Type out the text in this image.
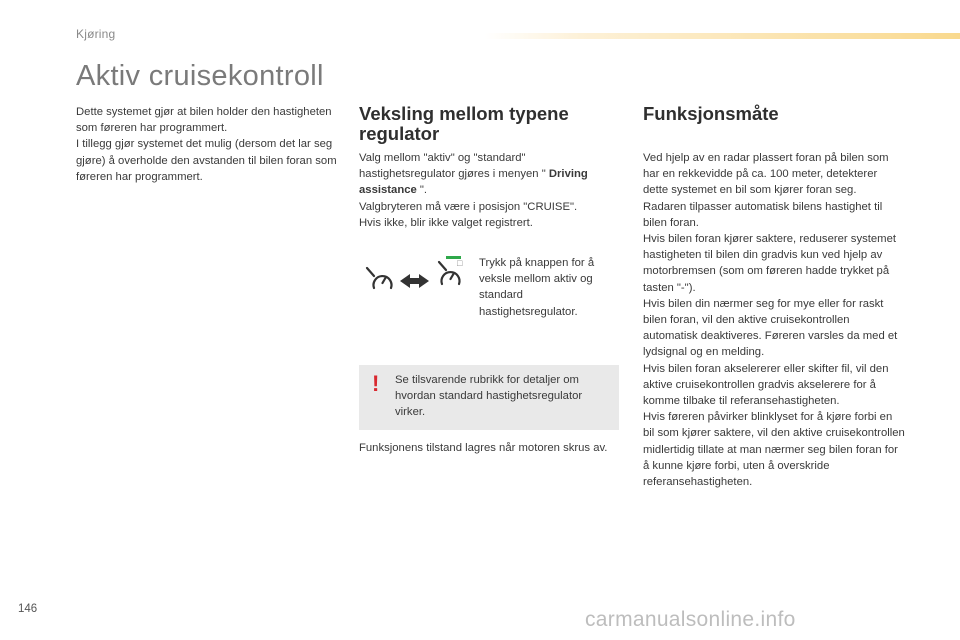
Kjøring
Aktiv cruisekontroll

Dette systemet gjør at bilen holder den hastigheten som føreren har programmert.

I tillegg gjør systemet det mulig (dersom det lar seg gjøre) å overholde den avstanden til bilen foran som føreren har programmert.

Veksling mellom typene regulator

Valg mellom "aktiv" og "standard" hastighetsregulator gjøres i menyen " Driving assistance ".

Valgbryteren må være i posisjon "CRUISE".

Hvis ikke, blir ikke valget registrert.

□ Trykk på knappen for å veksle mellom aktiv og standard hastighetsregulator.
! Se tilsvarende rubrikk for detaljer om hvordan standard hastighetsregulator virker.
Funksjonens tilstand lagres når motoren skrus av.
Funksjonsmåte

Ved hjelp av en radar plassert foran på bilen som har en rekkevidde på ca. 100 meter, detekterer dette systemet en bil som kjører foran seg.

Radaren tilpasser automatisk bilens hastighet til bilen foran.

Hvis bilen foran kjører saktere, reduserer systemet hastigheten til bilen din gradvis kun ved hjelp av motorbremsen (som om føreren hadde trykket på tasten "-").

Hvis bilen din nærmer seg for mye eller for raskt bilen foran, vil den aktive cruisekontrollen automatisk deaktiveres. Føreren varsles da med et lydsignal og en melding.

Hvis bilen foran akselererer eller skifter fil, vil den aktive cruisekontrollen gradvis akselerere for å komme tilbake til referansehastigheten.

Hvis føreren påvirker blinklyset for å kjøre forbi en bil som kjører saktere, vil den aktive cruisekontrollen midlertidig tillate at man nærmer seg bilen foran for å kunne kjøre forbi, uten å overskride referansehastigheten.

146	carmanualsonline.info
